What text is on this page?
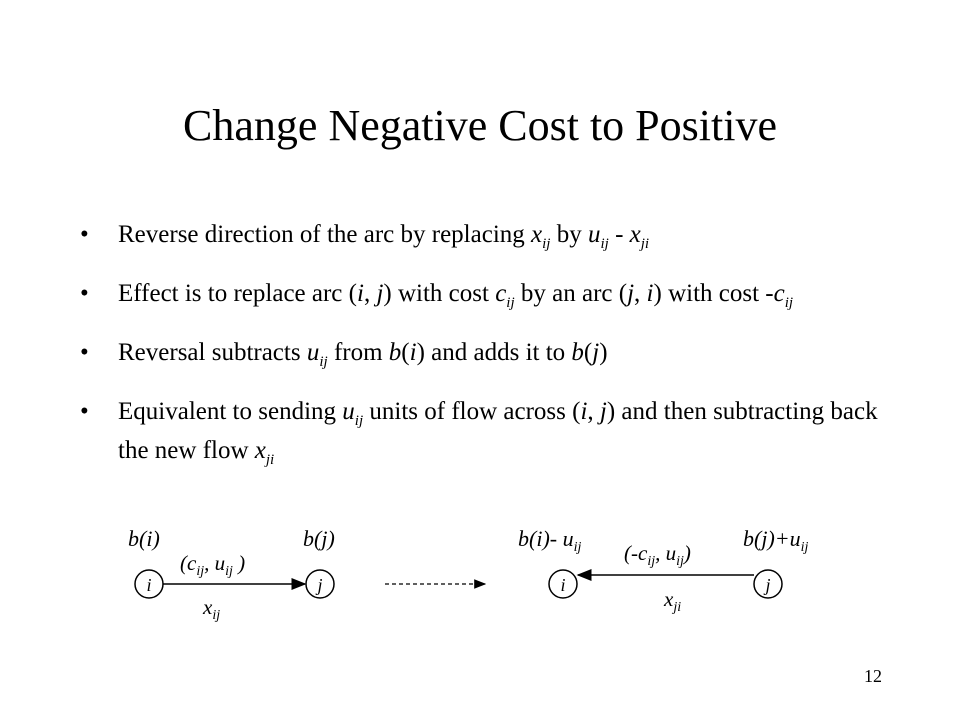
Change Negative Cost to Positive
• Reverse direction of the arc by replacing $x_{ij}$ by $u_{ij} - x_{ji}$
• Effect is to replace arc (i, j) with cost $c_{ij}$ by an arc (j, i) with cost $-c_{ij}$
• Reversal subtracts $u_{ij}$ from b(i) and adds it to b(j)
• Equivalent to sending $u_{ij}$ units of flow across (i, j) and then subtracting back the new flow $x_{ji}$
i	j
b(i)	b(j)
($c_{ij}$, $u_{ij}$ )
$x_{ij}$
i	j
b(i)- $u_{ij}$	$b(j)+u_{ij}$
($-c_{ij}$, $u_{ij}$)
$x_{ji}$
12
